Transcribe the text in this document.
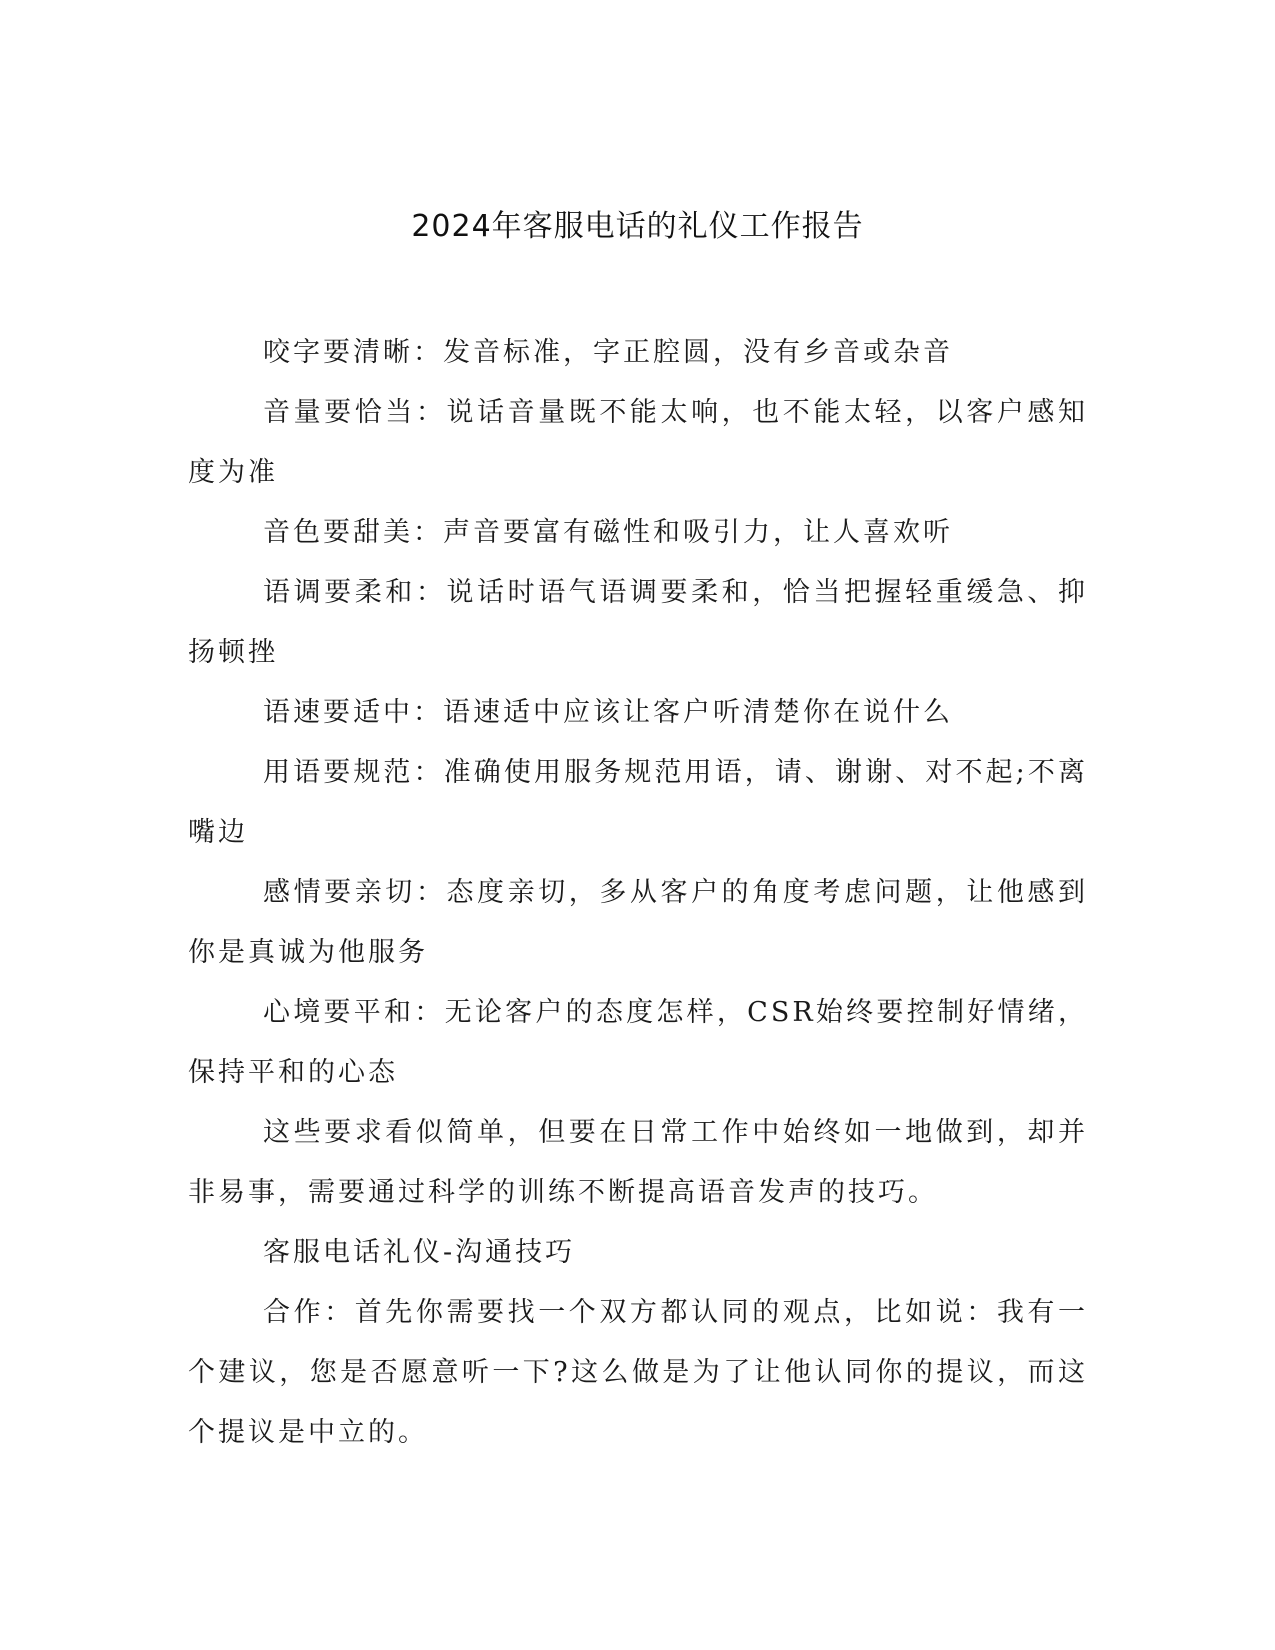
2024年客服电话的礼仪工作报告

咬字要清晰：发音标准，字正腔圆，没有乡音或杂音

音量要恰当：说话音量既不能太响，也不能太轻，以客户感知度为准

音色要甜美：声音要富有磁性和吸引力，让人喜欢听

语调要柔和：说话时语气语调要柔和，恰当把握轻重缓急、抑扬顿挫

语速要适中：语速适中应该让客户听清楚你在说什么

用语要规范：准确使用服务规范用语，请、谢谢、对不起;不离嘴边

感情要亲切：态度亲切，多从客户的角度考虑问题，让他感到你是真诚为他服务

心境要平和：无论客户的态度怎样，CSR始终要控制好情绪，保持平和的心态

这些要求看似简单，但要在日常工作中始终如一地做到，却并非易事，需要通过科学的训练不断提高语音发声的技巧。

客服电话礼仪-沟通技巧

合作：首先你需要找一个双方都认同的观点，比如说：我有一个建议，您是否愿意听一下?这么做是为了让他认同你的提议，而这个提议是中立的。
